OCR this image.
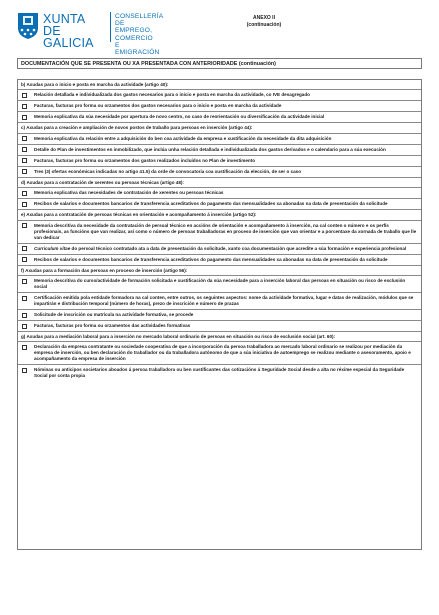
XUNTA
DE GALICIA
CONSELLERÍA DE
EMPREGO, COMERCIO
E EMIGRACIÓN
ANEXO II
(continuación)
DOCUMENTACIÓN QUE SE PRESENTA OU XA PRESENTADA CON ANTERIORIDADE (continuación)
b) Axudas para o inicio e posta en marcha da actividade (artigo 40):
Relación detallada e individualizada dos gastos necesarios para o inicio e posta en marcha da actividade, co IVE desagregado
Facturas, facturas pro forma ou orzamentos dos gastos necesarios para o inicio e posta en marcha da actividade
Memoria explicativa da súa necesidade por apertura de novo centro, no caso de reorientación ou diversificación da actividade inicial
c) Axudas para a creación e ampliación de novos postos de traballo para persoas en inserción (artigo 44):
Memoria explicativa da relación entre a adquisición do ben coa actividade da empresa e xustificación da necesidade da dita adquisición
Detalle do Plan de investimentos en inmobilizado, que inclúa unha relación detallada e individualizada dos gastos derivados e o calendario para a súa execución
Facturas, facturas pro forma ou orzamentos dos gastos realizados incluídos no Plan de investimento
Tres (3) ofertas económicas indicadas no artigo 41.5) da orde de convocatoria coa xustificación da elección, de ser o caso
d) Axudas para a contratación de xerentes ou persoas técnicas (artigo 48):
Memoria explicativa das necesidades de contratación de xerentes ou persoas técnicas
Recibos de salarios e documentos bancarios de transferencia acreditativos do pagamento das mensualidades xa abonadas na data de presentación da solicitude
e) Axudas para a contratación de persoas técnicas en orientación e acompañamento á inserción (artigo 52):
Memoria descritiva da necesidade da contratación de persoal técnico en accións de orientación e acompañamento á inserción, na cal conten o número e os perfís profesionais, as funcións que van realizar, así como o número de persoas traballadoras en proceso de inserción que van orientar e a porcentaxe da xornada de traballo que lle van dedicar
Curriculum vitae do persoal técnico contratado ata a data de presentación da solicitude, xunto coa documentación que acredite a súa formación e experiencia profesional
Recibos de salarios e documentos bancarios de transferencia acreditativos do pagamento das mensualidades xa abonadas na data de presentación da solicitude
f) Axudas para a formación das persoas en proceso de inserción (artigo 56):
Memoria descritiva do curso/actividade de formación solicitada e xustificación da súa necesidade para a inserción laboral das persoas en situación ou risco de exclusión social
Certificación emitida pola entidade formadora na cal conten, entre outros, os seguintes aspectos: nome da actividade formativa, lugar e datas de realización, módulos que se impartirán e distribución temporal (número de horas), prezo de inscrición e número de prazas
Solicitude de inscrición ou matrícula na actividade formativa, se procede
Facturas, facturas pro forma ou orzamentos das actividades formativas
g) Axudas para a mediación laboral para a inserción no mercado laboral ordinario de persoas en situación ou risco de exclusión social (art. 60):
Declaración da empresa contratante ou sociedade cooperativa de que a incorporación da persoa traballadora ao mercado laboral ordinario se realizou por mediación da empresa de inserción, ou ben declaración do traballador ou da traballadora autónomo de que a súa iniciativa de autoemprego se realizou mediante o asesoramento, apoio e acompañamento da empresa de inserción
Nóminas ou anticipos societarios aboados á persoa traballadora ou ben xustificantes das cotizacións á Seguridade Social desde a alta no réxime especial da Seguridade Social por conta propia
